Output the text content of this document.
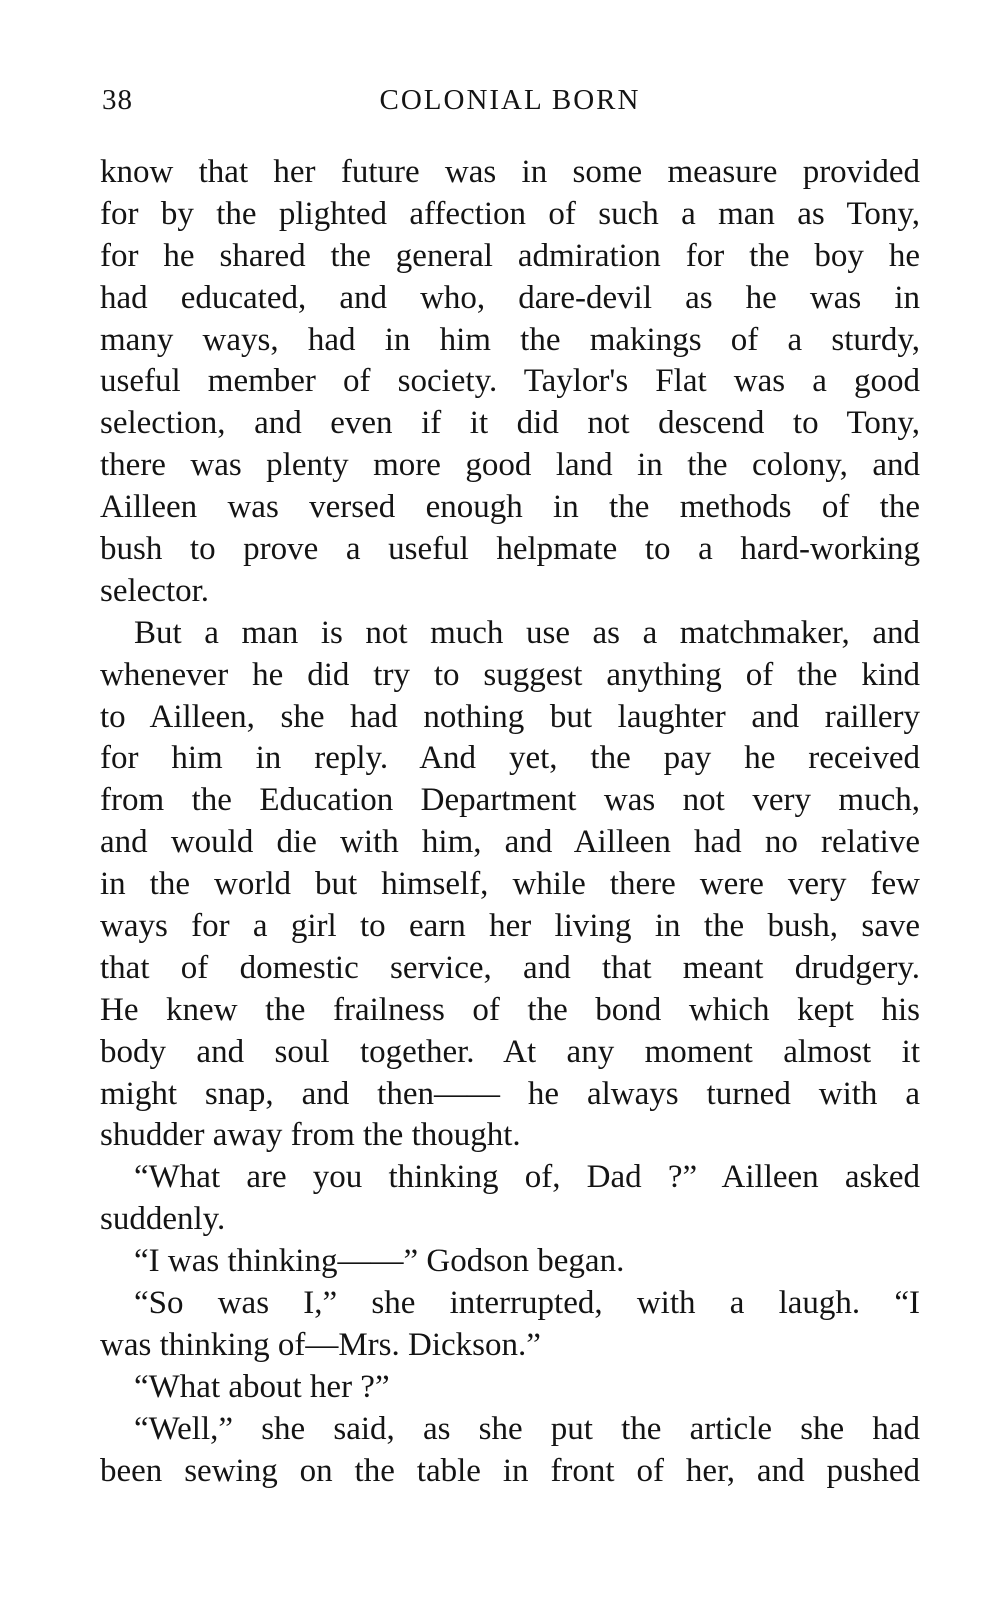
38	COLONIAL BORN
know that her future was in some measure provided
for by the plighted affection of such a man as Tony,
for he shared the general admiration for the boy he
had educated, and who, dare-devil as he was in
many ways, had in him the makings of a sturdy,
useful member of society. Taylor's Flat was a good
selection, and even if it did not descend to Tony,
there was plenty more good land in the colony, and
Ailleen was versed enough in the methods of the
bush to prove a useful helpmate to a hard-working
selector.
But a man is not much use as a matchmaker, and
whenever he did try to suggest anything of the kind
to Ailleen, she had nothing but laughter and raillery
for him in reply. And yet, the pay he received
from the Education Department was not very much,
and would die with him, and Ailleen had no relative
in the world but himself, while there were very few
ways for a girl to earn her living in the bush, save
that of domestic service, and that meant drudgery.
He knew the frailness of the bond which kept his
body and soul together. At any moment almost it
might snap, and then—— he always turned with a
shudder away from the thought.
“What are you thinking of, Dad ?” Ailleen asked
suddenly.
“I was thinking——” Godson began.
“So was I,” she interrupted, with a laugh. “I
was thinking of—Mrs. Dickson.”
“What about her ?”
“Well,” she said, as she put the article she had
been sewing on the table in front of her, and pushed
